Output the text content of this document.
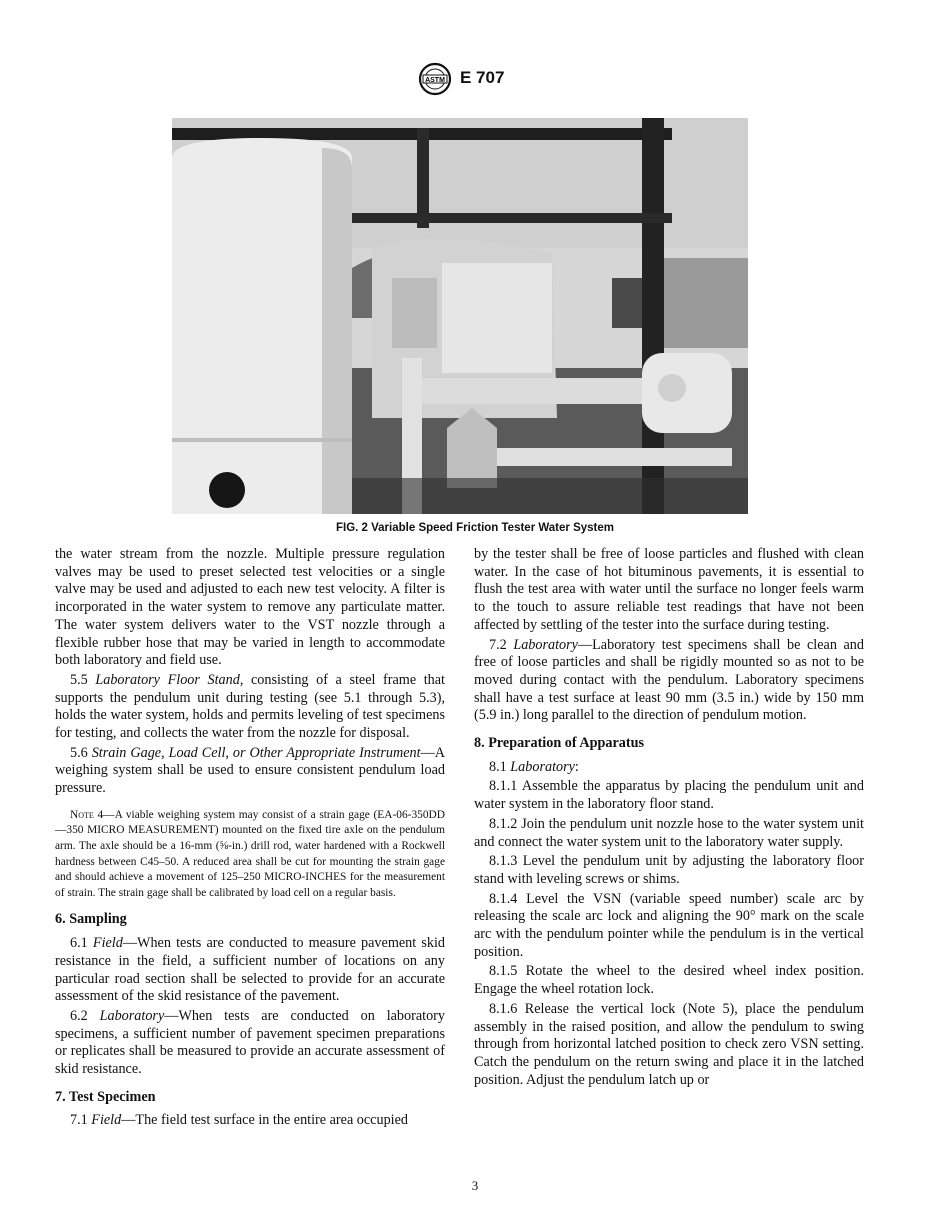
ASTM E 707
FIG. 2 Variable Speed Friction Tester Water System

the water stream from the nozzle. Multiple pressure regulation valves may be used to preset selected test velocities or a single valve may be used and adjusted to each new test velocity. A filter is incorporated in the water system to remove any particulate matter. The water system delivers water to the VST nozzle through a flexible rubber hose that may be varied in length to accommodate both laboratory and field use.

5.5 Laboratory Floor Stand, consisting of a steel frame that supports the pendulum unit during testing (see 5.1 through 5.3), holds the water system, holds and permits leveling of test specimens for testing, and collects the water from the nozzle for disposal.

5.6 Strain Gage, Load Cell, or Other Appropriate Instrument—A weighing system shall be used to ensure consistent pendulum load pressure.

Note 4—A viable weighing system may consist of a strain gage (EA-06-350DD—350 MICRO MEASUREMENT) mounted on the fixed tire axle on the pendulum arm. The axle should be a 16-mm (⅝-in.) drill rod, water hardened with a Rockwell hardness between C45–50. A reduced area shall be cut for mounting the strain gage and should achieve a movement of 125–250 MICRO-INCHES for the measurement of strain. The strain gage shall be calibrated by load cell on a regular basis.

6. Sampling

6.1 Field—When tests are conducted to measure pavement skid resistance in the field, a sufficient number of locations on any particular road section shall be selected to provide for an accurate assessment of the skid resistance of the pavement.

6.2 Laboratory—When tests are conducted on laboratory specimens, a sufficient number of pavement specimen preparations or replicates shall be measured to provide an accurate assessment of skid resistance.

7. Test Specimen

7.1 Field—The field test surface in the entire area occupied

by the tester shall be free of loose particles and flushed with clean water. In the case of hot bituminous pavements, it is essential to flush the test area with water until the surface no longer feels warm to the touch to assure reliable test readings that have not been affected by settling of the tester into the surface during testing.

7.2 Laboratory—Laboratory test specimens shall be clean and free of loose particles and shall be rigidly mounted so as not to be moved during contact with the pendulum. Laboratory specimens shall have a test surface at least 90 mm (3.5 in.) wide by 150 mm (5.9 in.) long parallel to the direction of pendulum motion.

8. Preparation of Apparatus

8.1 Laboratory:

8.1.1 Assemble the apparatus by placing the pendulum unit and water system in the laboratory floor stand.

8.1.2 Join the pendulum unit nozzle hose to the water system unit and connect the water system unit to the laboratory water supply.

8.1.3 Level the pendulum unit by adjusting the laboratory floor stand with leveling screws or shims.

8.1.4 Level the VSN (variable speed number) scale arc by releasing the scale arc lock and aligning the 90° mark on the scale arc with the pendulum pointer while the pendulum is in the vertical position.

8.1.5 Rotate the wheel to the desired wheel index position. Engage the wheel rotation lock.

8.1.6 Release the vertical lock (Note 5), place the pendulum assembly in the raised position, and allow the pendulum to swing through from horizontal latched position to check zero VSN setting. Catch the pendulum on the return swing and place it in the latched position. Adjust the pendulum latch up or

3
